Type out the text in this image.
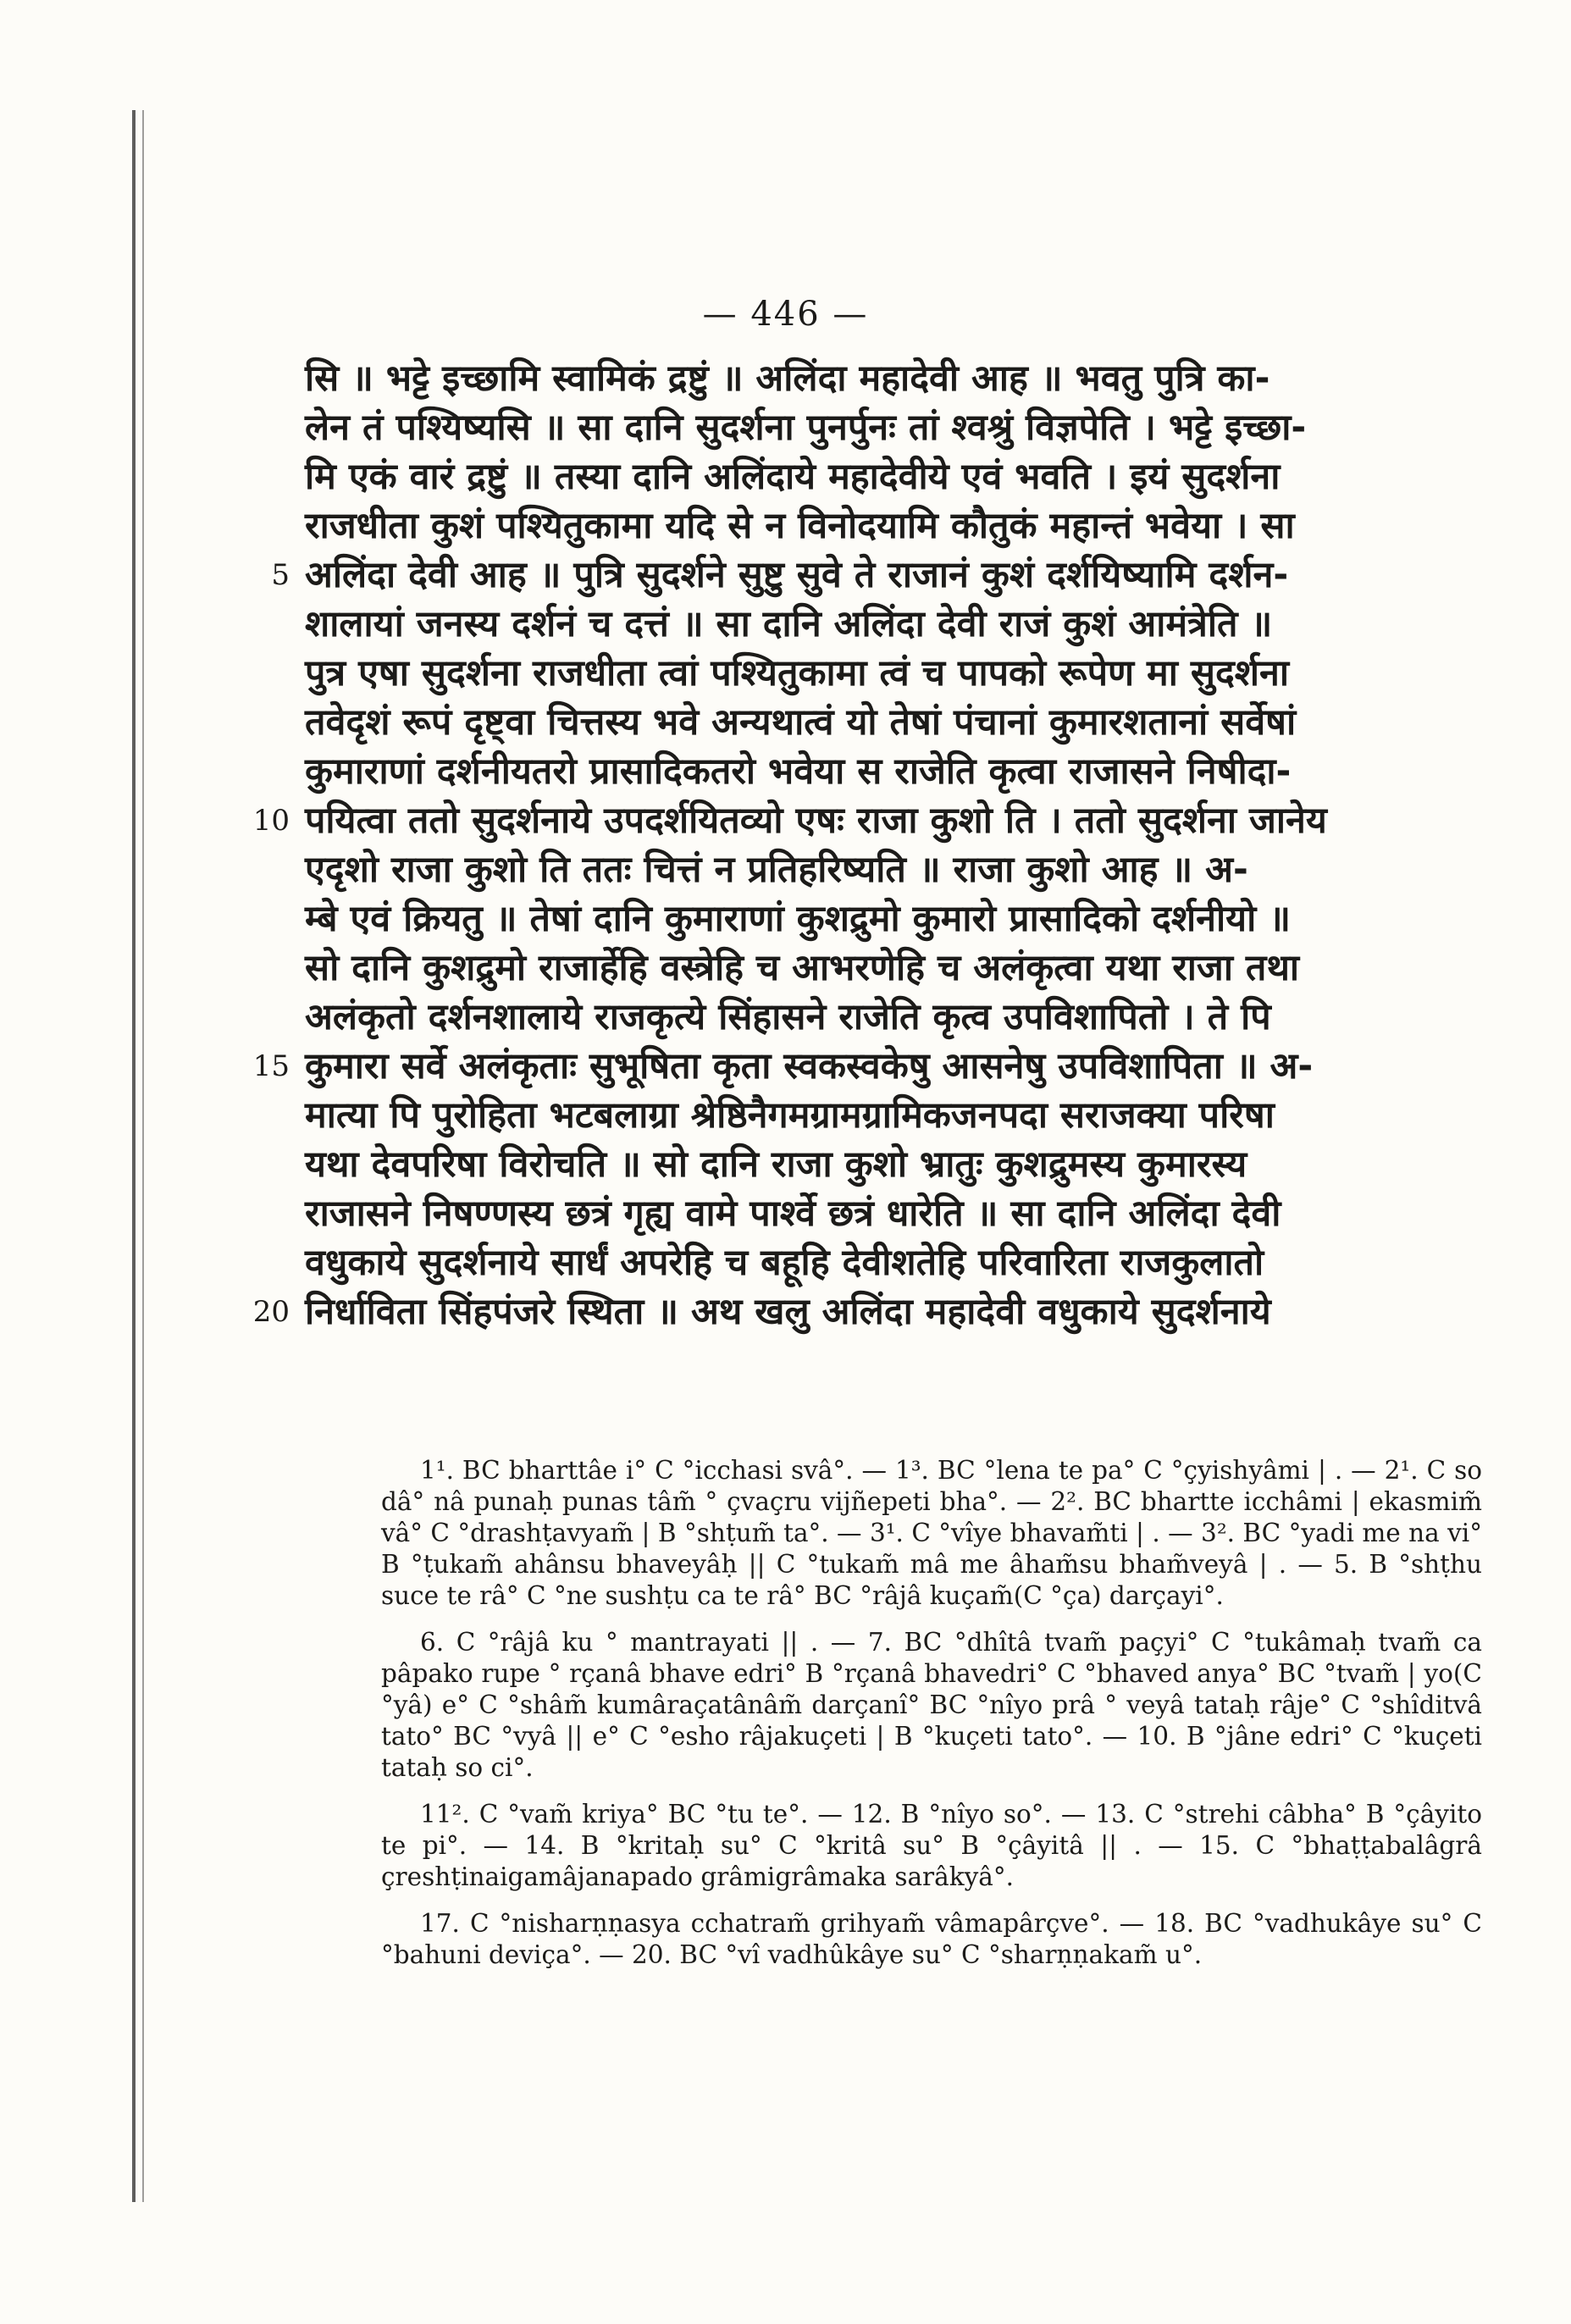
— 446 —
सि ॥ भट्टे इच्छामि स्वामिकं द्रष्टुं ॥ अलिंदा महादेवी आह ॥ भवतु पुत्रि का-
लेन तं पश्यिष्यसि ॥ सा दानि सुदर्शना पुनर्पुनः तां श्वश्रुं विज्ञपेति । भट्टे इच्छा-
मि एकं वारं द्रष्टुं ॥ तस्या दानि अलिंदाये महादेवीये एवं भवति । इयं सुदर्शना
राजधीता कुशं पश्यितुकामा यदि से न विनोदयामि कौतुकं महान्तं भवेया । सा
5 अलिंदा देवी आह ॥ पुत्रि सुदर्शने सुष्टु सुवे ते राजानं कुशं दर्शयिष्यामि दर्शन-
शालायां जनस्य दर्शनं च दत्तं ॥ सा दानि अलिंदा देवी राजं कुशं आमंत्रेति ॥
पुत्र एषा सुदर्शना राजधीता त्वां पश्यितुकामा त्वं च पापको रूपेण मा सुदर्शना
तवेदृशं रूपं दृष्ट्वा चित्तस्य भवे अन्यथात्वं यो तेषां पंचानां कुमारशतानां सर्वेषां
कुमाराणां दर्शनीयतरो प्रासादिकतरो भवेया स राजेति कृत्वा राजासने निषीदा-
10 पयित्वा ततो सुदर्शनाये उपदर्शयितव्यो एषः राजा कुशो ति । ततो सुदर्शना जानेय
एदृशो राजा कुशो ति ततः चित्तं न प्रतिहरिष्यति ॥ राजा कुशो आह ॥ अ-
म्बे एवं क्रियतु ॥ तेषां दानि कुमाराणां कुशद्रुमो कुमारो प्रासादिको दर्शनीयो ॥
सो दानि कुशद्रुमो राजार्हेहि वस्त्रेहि च आभरणेहि च अलंकृत्वा यथा राजा तथा
अलंकृतो दर्शनशालाये राजकृत्ये सिंहासने राजेति कृत्व उपविशापितो । ते पि
15 कुमारा सर्वे अलंकृताः सुभूषिता कृता स्वकस्वकेषु आसनेषु उपविशापिता ॥ अ-
मात्या पि पुरोहिता भटबलाग्रा श्रेष्ठिनैगमग्रामग्रामिकजनपदा सराजक्या परिषा
यथा देवपरिषा विरोचति ॥ सो दानि राजा कुशो भ्रातुः कुशद्रुमस्य कुमारस्य
राजासने निषण्णस्य छत्रं गृह्य वामे पार्श्वे छत्रं धारेति ॥ सा दानि अलिंदा देवी
वधुकाये सुदर्शनाये सार्धं अपरेहि च बहूहि देवीशतेहि परिवारिता राजकुलातो
20 निर्धाविता सिंहपंजरे स्थिता ॥ अथ खलु अलिंदा महादेवी वधुकाये सुदर्शनाये

1¹. BC bharttâe i° C °icchasi svâ°. — 1³. BC °lena te pa° C °çyishyâmi | . — 2¹. C so dâ° nâ punaḥ punas tâm̃ ° çvaçru vijñepeti bha°. — 2². BC bhartte icchâmi | ekasmim̃ vâ° C °drashṭavyam̃ | B °shṭum̃ ta°. — 3¹. C °vîye bhavam̃ti | . — 3². BC °yadi me na vi° B °ṭukam̃ ahânsu bhaveyâḥ || C °tukam̃ mâ me âham̃su bham̃veyâ | . — 5. B °shṭhu suce te râ° C °ne sushṭu ca te râ° BC °râjâ kuçam̃(C °ça) darçayi°.

6. C °râjâ ku ° mantrayati || . — 7. BC °dhîtâ tvam̃ paçyi° C °tukâmaḥ tvam̃ ca pâpako rupe ° rçanâ bhave edri° B °rçanâ bhavedri° C °bhaved anya° BC °tvam̃ | yo(C °yâ) e° C °shâm̃ kumâraçatânâm̃ darçanî° BC °nîyo prâ ° veyâ tataḥ râje° C °shîditvâ tato° BC °vyâ || e° C °esho râjakuçeti | B °kuçeti tato°. — 10. B °jâne edri° C °kuçeti tataḥ so ci°.

11². C °vam̃ kriya° BC °tu te°. — 12. B °nîyo so°. — 13. C °strehi câbha° B °çâyito te pi°. — 14. B °kritaḥ su° C °kritâ su° B °çâyitâ || . — 15. C °bhaṭṭabalâgrâ çreshṭinaigamâjanapado grâmigrâmaka sarâkyâ°.

17. C °nisharṇṇasya cchatram̃ grihyam̃ vâmapârçve°. — 18. BC °vadhukâye su° C °bahuni deviça°. — 20. BC °vî vadhûkâye su° C °sharṇṇakam̃ u°.
